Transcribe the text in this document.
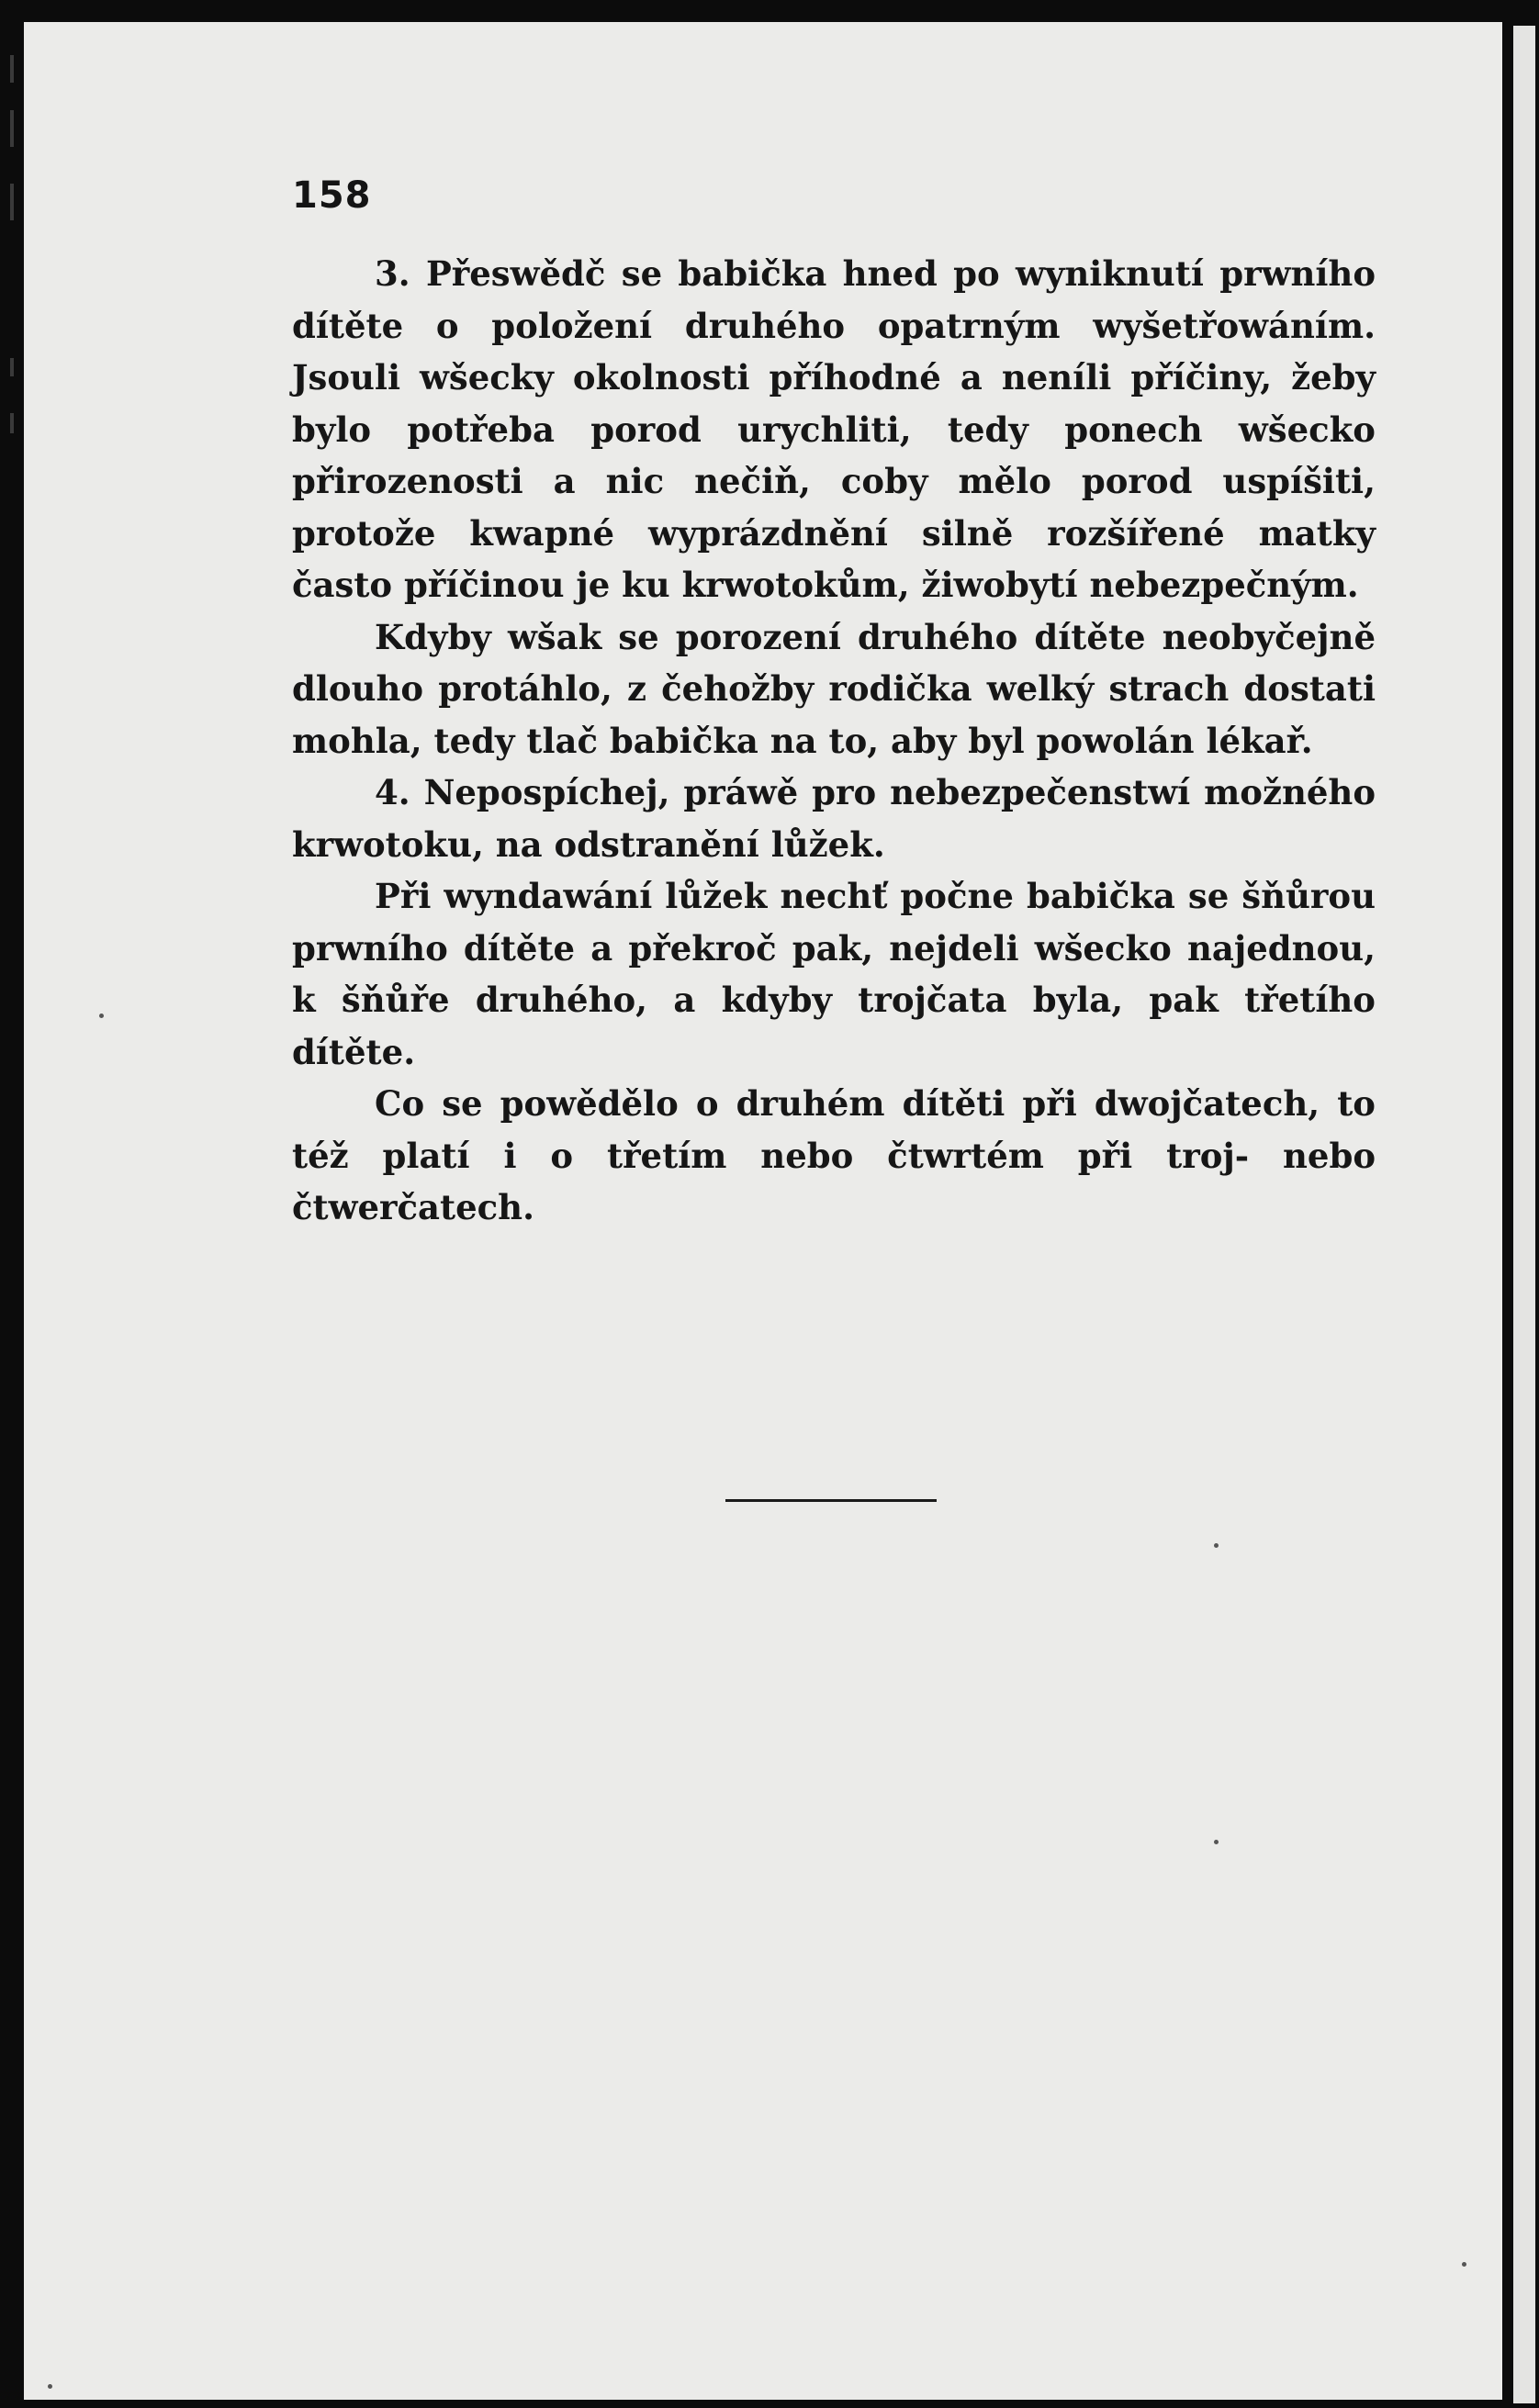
158

3. Přeswědč se babička hned po wyniknutí prwního dítěte o položení druhého opatrným wyšetřowáním. Jsouli wšecky okolnosti příhodné a neníli příčiny, žeby bylo potřeba porod urychliti, tedy ponech wšecko přirozenosti a nic nečiň, coby mělo porod uspíšiti, protože kwapné wyprázdnění silně rozšířené matky často příčinou je ku krwotokům, žiwobytí nebezpečným.

Kdyby wšak se porození druhého dítěte neobyčejně dlouho protáhlo, z čehožby rodička welký strach dostati mohla, tedy tlač babička na to, aby byl powolán lékař.

4. Nepospíchej, práwě pro nebezpečenstwí možného krwotoku, na odstranění lůžek.

Při wyndawání lůžek nechť počne babička se šňůrou prwního dítěte a překroč pak, nejdeli wšecko najednou, k šňůře druhého, a kdyby trojčata byla, pak třetího dítěte.

Co se powědělo o druhém dítěti při dwojčatech, to též platí i o třetím nebo čtwrtém při troj- nebo čtwerčatech.
